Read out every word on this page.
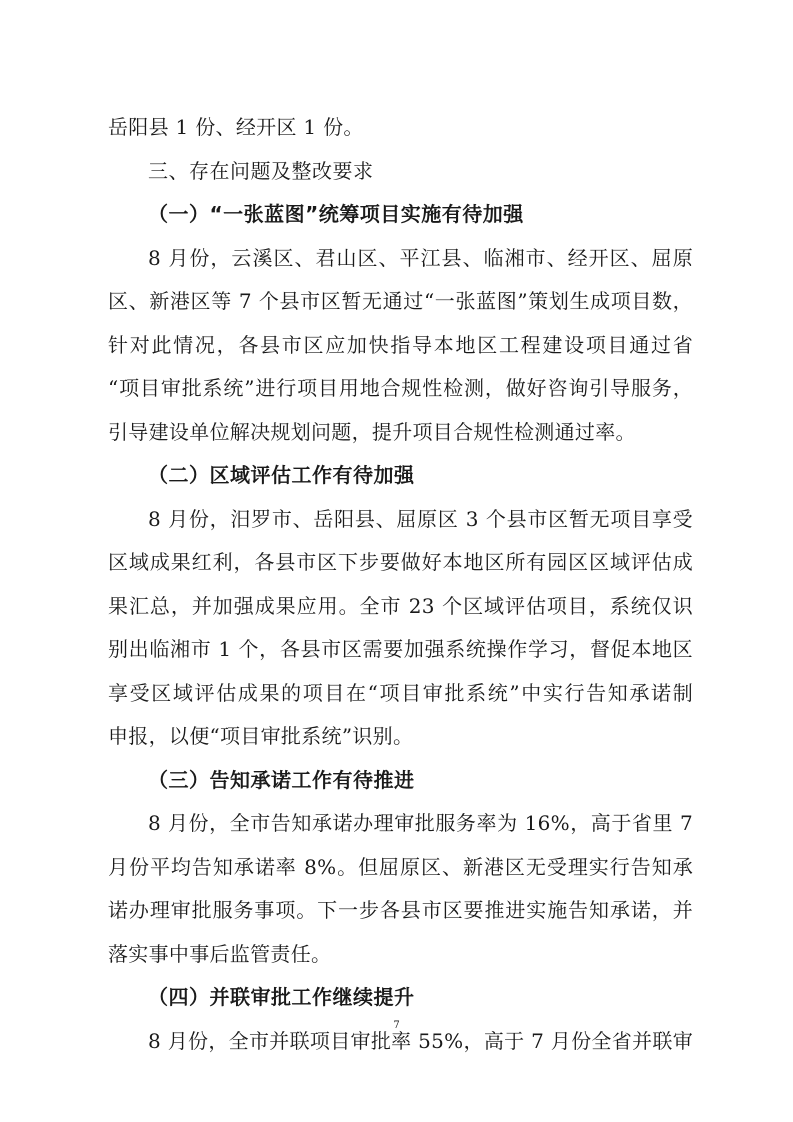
岳阳县 1 份、经开区 1 份。
三、存在问题及整改要求
（一）“一张蓝图”统筹项目实施有待加强
8 月份，云溪区、君山区、平江县、临湘市、经开区、屈原
区、新港区等 7 个县市区暂无通过“一张蓝图”策划生成项目数，
针对此情况，各县市区应加快指导本地区工程建设项目通过省
“项目审批系统”进行项目用地合规性检测，做好咨询引导服务，
引导建设单位解决规划问题，提升项目合规性检测通过率。
（二）区域评估工作有待加强
8 月份，汨罗市、岳阳县、屈原区 3 个县市区暂无项目享受
区域成果红利，各县市区下步要做好本地区所有园区区域评估成
果汇总，并加强成果应用。全市 23 个区域评估项目，系统仅识
别出临湘市 1 个，各县市区需要加强系统操作学习，督促本地区
享受区域评估成果的项目在“项目审批系统”中实行告知承诺制
申报，以便“项目审批系统”识别。
（三）告知承诺工作有待推进
8 月份，全市告知承诺办理审批服务率为 16%，高于省里 7
月份平均告知承诺率 8%。但屈原区、新港区无受理实行告知承
诺办理审批服务事项。下一步各县市区要推进实施告知承诺，并
落实事中事后监管责任。
（四）并联审批工作继续提升
8 月份，全市并联项目审批率 55%，高于 7 月份全省并联审
7
